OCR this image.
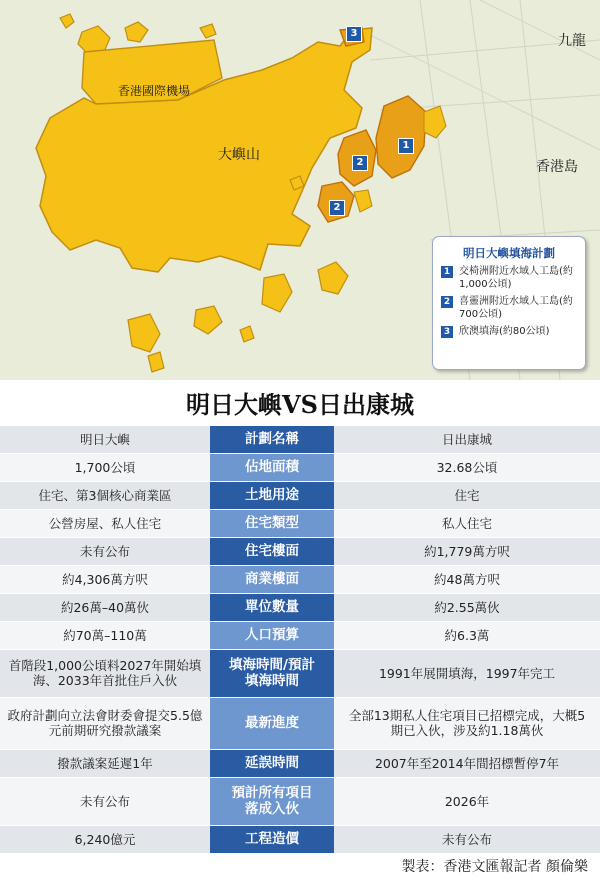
九龍
香港島
大嶼山
香港國際機場
1
2
2
3
明日大嶼填海計劃
1 交椅洲附近水域人工島(約1,000公頃)
2 喜靈洲附近水域人工島(約700公頃)
3 欣澳填海(約80公頃)
明日大嶼VS日出康城
明日大嶼	計劃名稱	日出康城
1,700公頃	佔地面積	32.68公頃
住宅、第3個核心商業區	土地用途	住宅
公營房屋、私人住宅	住宅類型	私人住宅
未有公布	住宅樓面	約1,779萬方呎
約4,306萬方呎	商業樓面	約48萬方呎
約26萬–40萬伙	單位數量	約2.55萬伙
約70萬–110萬	人口預算	約6.3萬
首階段1,000公頃料2027年開始填海、2033年首批住戶入伙	填海時間/預計填海時間	1991年展開填海，1997年完工
政府計劃向立法會財委會提交5.5億元前期研究撥款議案	最新進度	全部13期私人住宅項目已招標完成，大概5期已入伙，涉及約1.18萬伙
撥款議案延遲1年	延誤時間	2007年至2014年間招標暫停7年
未有公布	預計所有項目落成入伙	2026年
6,240億元	工程造價	未有公布
製表：香港文匯報記者 顏倫樂
